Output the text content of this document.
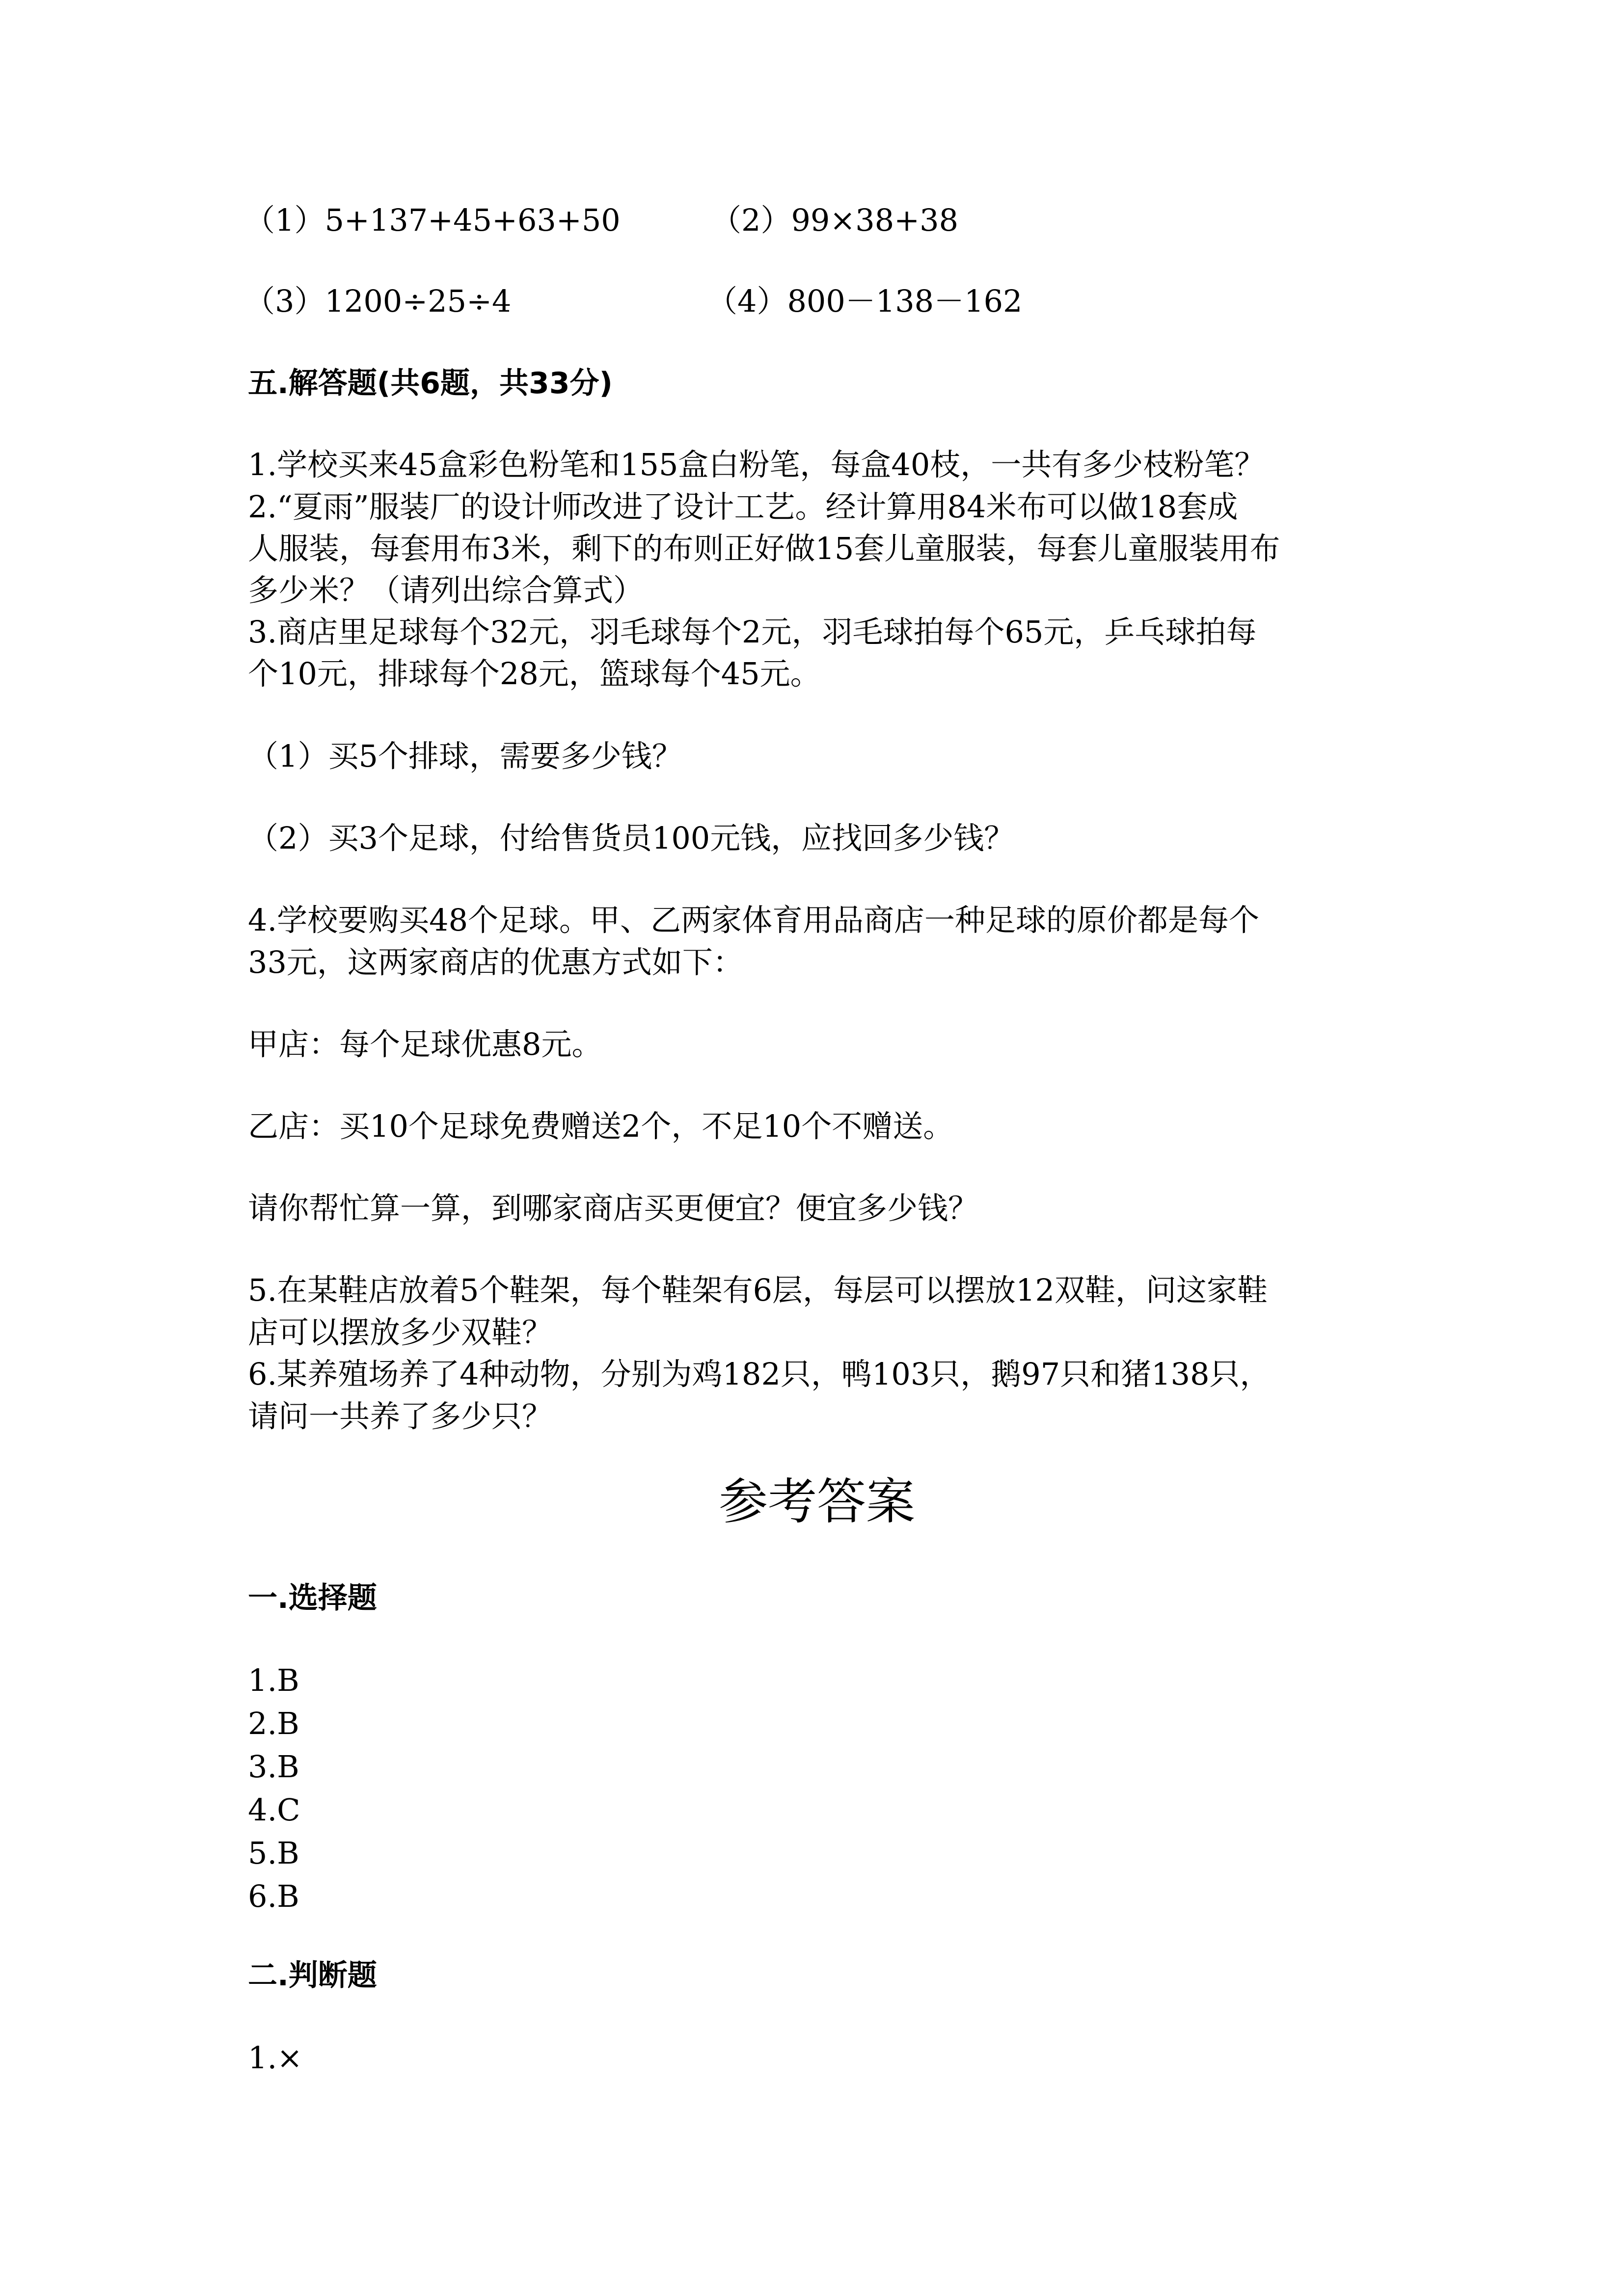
（1）5+137+45+63+50	（2）99×38+38
（3）1200÷25÷4	（4）800－138－162
五.解答题(共6题，共33分)
1.学校买来45盒彩色粉笔和155盒白粉笔，每盒40枝，一共有多少枝粉笔？
2.“夏雨”服装厂的设计师改进了设计工艺。经计算用84米布可以做18套成
人服装，每套用布3米，剩下的布则正好做15套儿童服装，每套儿童服装用布
多少米？（请列出综合算式）
3.商店里足球每个32元，羽毛球每个2元，羽毛球拍每个65元，乒乓球拍每
个10元，排球每个28元，篮球每个45元。
（1）买5个排球，需要多少钱？
（2）买3个足球，付给售货员100元钱，应找回多少钱？
4.学校要购买48个足球。甲、乙两家体育用品商店一种足球的原价都是每个
33元，这两家商店的优惠方式如下：
甲店：每个足球优惠8元。
乙店：买10个足球免费赠送2个，不足10个不赠送。
请你帮忙算一算，到哪家商店买更便宜？便宜多少钱？
5.在某鞋店放着5个鞋架，每个鞋架有6层，每层可以摆放12双鞋，问这家鞋
店可以摆放多少双鞋？
6.某养殖场养了4种动物，分别为鸡182只，鸭103只，鹅97只和猪138只，
请问一共养了多少只？
参考答案
一.选择题
1.B
2.B
3.B
4.C
5.B
6.B
二.判断题
1.×
